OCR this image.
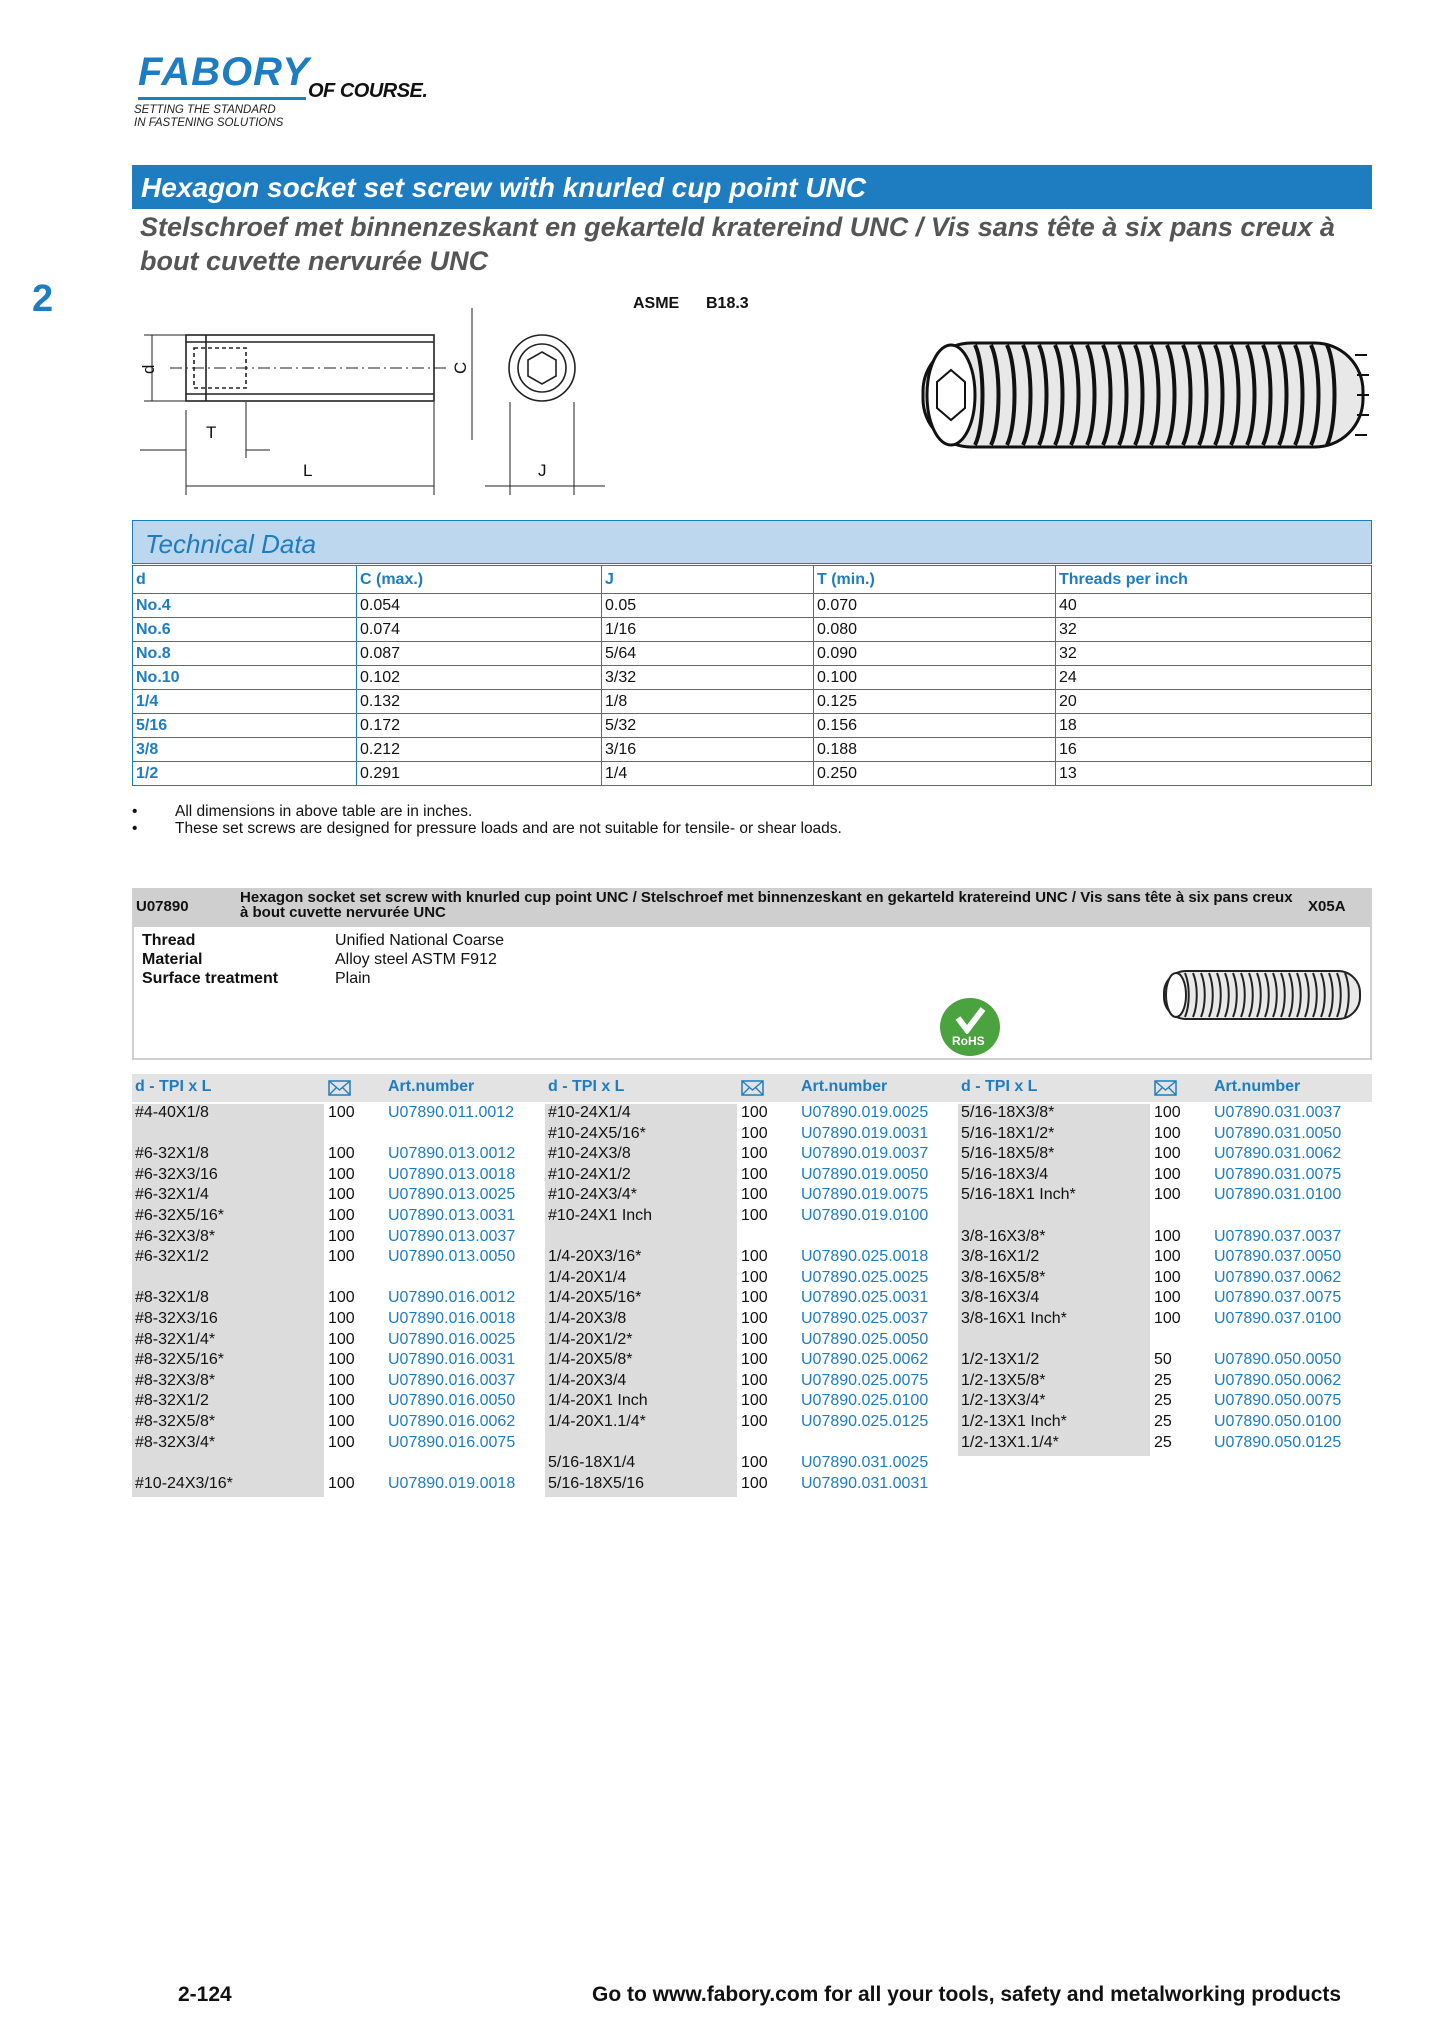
FABORY
OF COURSE.
SETTING THE STANDARD
IN FASTENING SOLUTIONS
Hexagon socket set screw with knurled cup point UNC
Stelschroef met binnenzeskant en gekarteld kratereind UNC / Vis sans tête à six pans creux à bout cuvette nervurée UNC
2	ASME B18.3
d	C
T
L	J
Technical Data
d	C (max.)	J	T (min.)	Threads per inch
No.4	0.054	0.05	0.070	40
No.6	0.074	1/16	0.080	32
No.8	0.087	5/64	0.090	32
No.10	0.102	3/32	0.100	24
1/4	0.132	1/8	0.125	20
5/16	0.172	5/32	0.156	18
3/8	0.212	3/16	0.188	16
1/2	0.291	1/4	0.250	13
• All dimensions in above table are in inches.
• These set screws are designed for pressure loads and are not suitable for tensile- or shear loads.
U07890
Hexagon socket set screw with knurled cup point UNC / Stelschroef met binnenzeskant en gekarteld kratereind UNC / Vis sans tête à six pans creux à bout cuvette nervurée UNC	X05A
Thread	Unified National Coarse
Material	Alloy steel ASTM F912
Surface treatment	Plain
RoHS
d - TPI x L	Art.number	d - TPI x L	Art.number	d - TPI x L	Art.number
#4-40X1/8	100 U07890.011.0012
#6-32X1/8	100 U07890.013.0012
#6-32X3/16	100 U07890.013.0018
#6-32X1/4	100 U07890.013.0025
#6-32X5/16*	100 U07890.013.0031
#6-32X3/8*	100 U07890.013.0037
#6-32X1/2	100 U07890.013.0050
#8-32X1/8	100 U07890.016.0012
#8-32X3/16	100 U07890.016.0018
#8-32X1/4*	100 U07890.016.0025
#8-32X5/16*	100 U07890.016.0031
#8-32X3/8*	100 U07890.016.0037
#8-32X1/2	100 U07890.016.0050
#8-32X5/8*	100 U07890.016.0062
#8-32X3/4*	100 U07890.016.0075
#10-24X3/16*	100 U07890.019.0018
#10-24X1/4	100 U07890.019.0025
#10-24X5/16*	100 U07890.019.0031
#10-24X3/8	100 U07890.019.0037
#10-24X1/2	100 U07890.019.0050
#10-24X3/4*	100 U07890.019.0075
#10-24X1 Inch	100 U07890.019.0100
1/4-20X3/16*	100 U07890.025.0018
1/4-20X1/4	100 U07890.025.0025
1/4-20X5/16*	100 U07890.025.0031
1/4-20X3/8	100 U07890.025.0037
1/4-20X1/2*	100 U07890.025.0050
1/4-20X5/8*	100 U07890.025.0062
1/4-20X3/4	100 U07890.025.0075
1/4-20X1 Inch	100 U07890.025.0100
1/4-20X1.1/4*	100 U07890.025.0125
5/16-18X1/4	100 U07890.031.0025
5/16-18X5/16	100 U07890.031.0031
5/16-18X3/8*	100 U07890.031.0037
5/16-18X1/2*	100 U07890.031.0050
5/16-18X5/8*	100 U07890.031.0062
5/16-18X3/4	100 U07890.031.0075
5/16-18X1 Inch*	100 U07890.031.0100
3/8-16X3/8*	100 U07890.037.0037
3/8-16X1/2	100 U07890.037.0050
3/8-16X5/8*	100 U07890.037.0062
3/8-16X3/4	100 U07890.037.0075
3/8-16X1 Inch*	100 U07890.037.0100
1/2-13X1/2	50	U07890.050.0050
1/2-13X5/8*	25	U07890.050.0062
1/2-13X3/4*	25	U07890.050.0075
1/2-13X1 Inch*	25	U07890.050.0100
1/2-13X1.1/4*	25	U07890.050.0125
2-124	Go to www.fabory.com for all your tools, safety and metalworking products
